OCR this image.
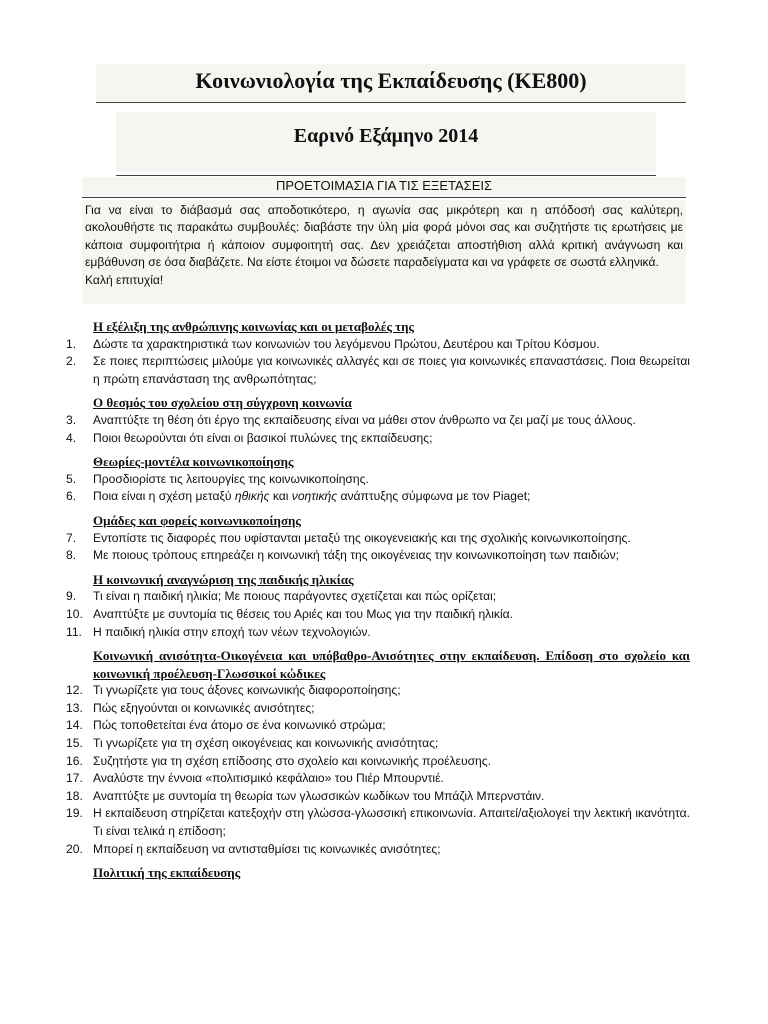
Κοινωνιολογία της Εκπαίδευσης (ΚΕ800)
Εαρινό Εξάμηνο 2014
ΠΡΟΕΤΟΙΜΑΣΙΑ ΓΙΑ ΤΙΣ ΕΞΕΤΑΣΕΙΣ

Για να είναι το διάβασμά σας αποδοτικότερο, η αγωνία σας μικρότερη και η απόδοσή σας καλύτερη, ακολουθήστε τις παρακάτω συμβουλές: διαβάστε την ύλη μία φορά μόνοι σας και συζητήστε τις ερωτήσεις με κάποια συμφοιτήτρια ή κάποιον συμφοιτητή σας. Δεν χρειάζεται αποστήθιση αλλά κριτική ανάγνωση και εμβάθυνση σε όσα διαβάζετε. Να είστε έτοιμοι να δώσετε παραδείγματα και να γράφετε σε σωστά ελληνικά.

Καλή επιτυχία!

Η εξέλιξη της ανθρώπινης κοινωνίας και οι μεταβολές της
1.	Δώστε τα χαρακτηριστικά των κοινωνιών του λεγόμενου Πρώτου, Δευτέρου και Τρίτου Κόσμου.
2.	Σε ποιες περιπτώσεις μιλούμε για κοινωνικές αλλαγές και σε ποιες για κοινωνικές επαναστάσεις. Ποια θεωρείται η πρώτη επανάσταση της ανθρωπότητας;
Ο θεσμός του σχολείου στη σύγχρονη κοινωνία
3.	Αναπτύξτε τη θέση ότι έργο της εκπαίδευσης είναι να μάθει στον άνθρωπο να ζει μαζί με τους άλλους.
4.	Ποιοι θεωρούνται ότι είναι οι βασικοί πυλώνες της εκπαίδευσης;
Θεωρίες-μοντέλα κοινωνικοποίησης
5.	Προσδιορίστε τις λειτουργίες της κοινωνικοποίησης.
6.	Ποια είναι η σχέση μεταξύ ηθικής και νοητικής ανάπτυξης σύμφωνα με τον Piaget;
Ομάδες και φορείς κοινωνικοποίησης
7.	Εντοπίστε τις διαφορές που υφίστανται μεταξύ της οικογενειακής και της σχολικής κοινωνικοποίησης.
8.	Με ποιους τρόπους επηρεάζει η κοινωνική τάξη της οικογένειας την κοινωνικοποίηση των παιδιών;
Η κοινωνική αναγνώριση της παιδικής ηλικίας
9.	Τι είναι η παιδική ηλικία; Με ποιους παράγοντες σχετίζεται και πώς ορίζεται;
10. Αναπτύξτε με συντομία τις θέσεις του Αριές και του Μως για την παιδική ηλικία.
11. Η παιδική ηλικία στην εποχή των νέων τεχνολογιών.
Κοινωνική ανισότητα-Οικογένεια και υπόβαθρο-Ανισότητες στην εκπαίδευση. Επίδοση στο σχολείο και κοινωνική προέλευση-Γλωσσικοί κώδικες
12. Τι γνωρίζετε για τους άξονες κοινωνικής διαφοροποίησης;
13. Πώς εξηγούνται οι κοινωνικές ανισότητες;
14. Πώς τοποθετείται ένα άτομο σε ένα κοινωνικό στρώμα;
15. Τι γνωρίζετε για τη σχέση οικογένειας και κοινωνικής ανισότητας;
16. Συζητήστε για τη σχέση επίδοσης στο σχολείο και κοινωνικής προέλευσης.
17. Αναλύστε την έννοια «πολιτισμικό κεφάλαιο» του Πιέρ Μπουρντιέ.
18. Αναπτύξτε με συντομία τη θεωρία των γλωσσικών κωδίκων του Μπάζιλ Μπερνστάιν.
19. Η εκπαίδευση στηρίζεται κατεξοχήν στη γλώσσα-γλωσσική επικοινωνία. Απαιτεί/αξιολογεί την λεκτική ικανότητα. Τι είναι τελικά η επίδοση;
20. Μπορεί η εκπαίδευση να αντισταθμίσει τις κοινωνικές ανισότητες;
Πολιτική της εκπαίδευσης
